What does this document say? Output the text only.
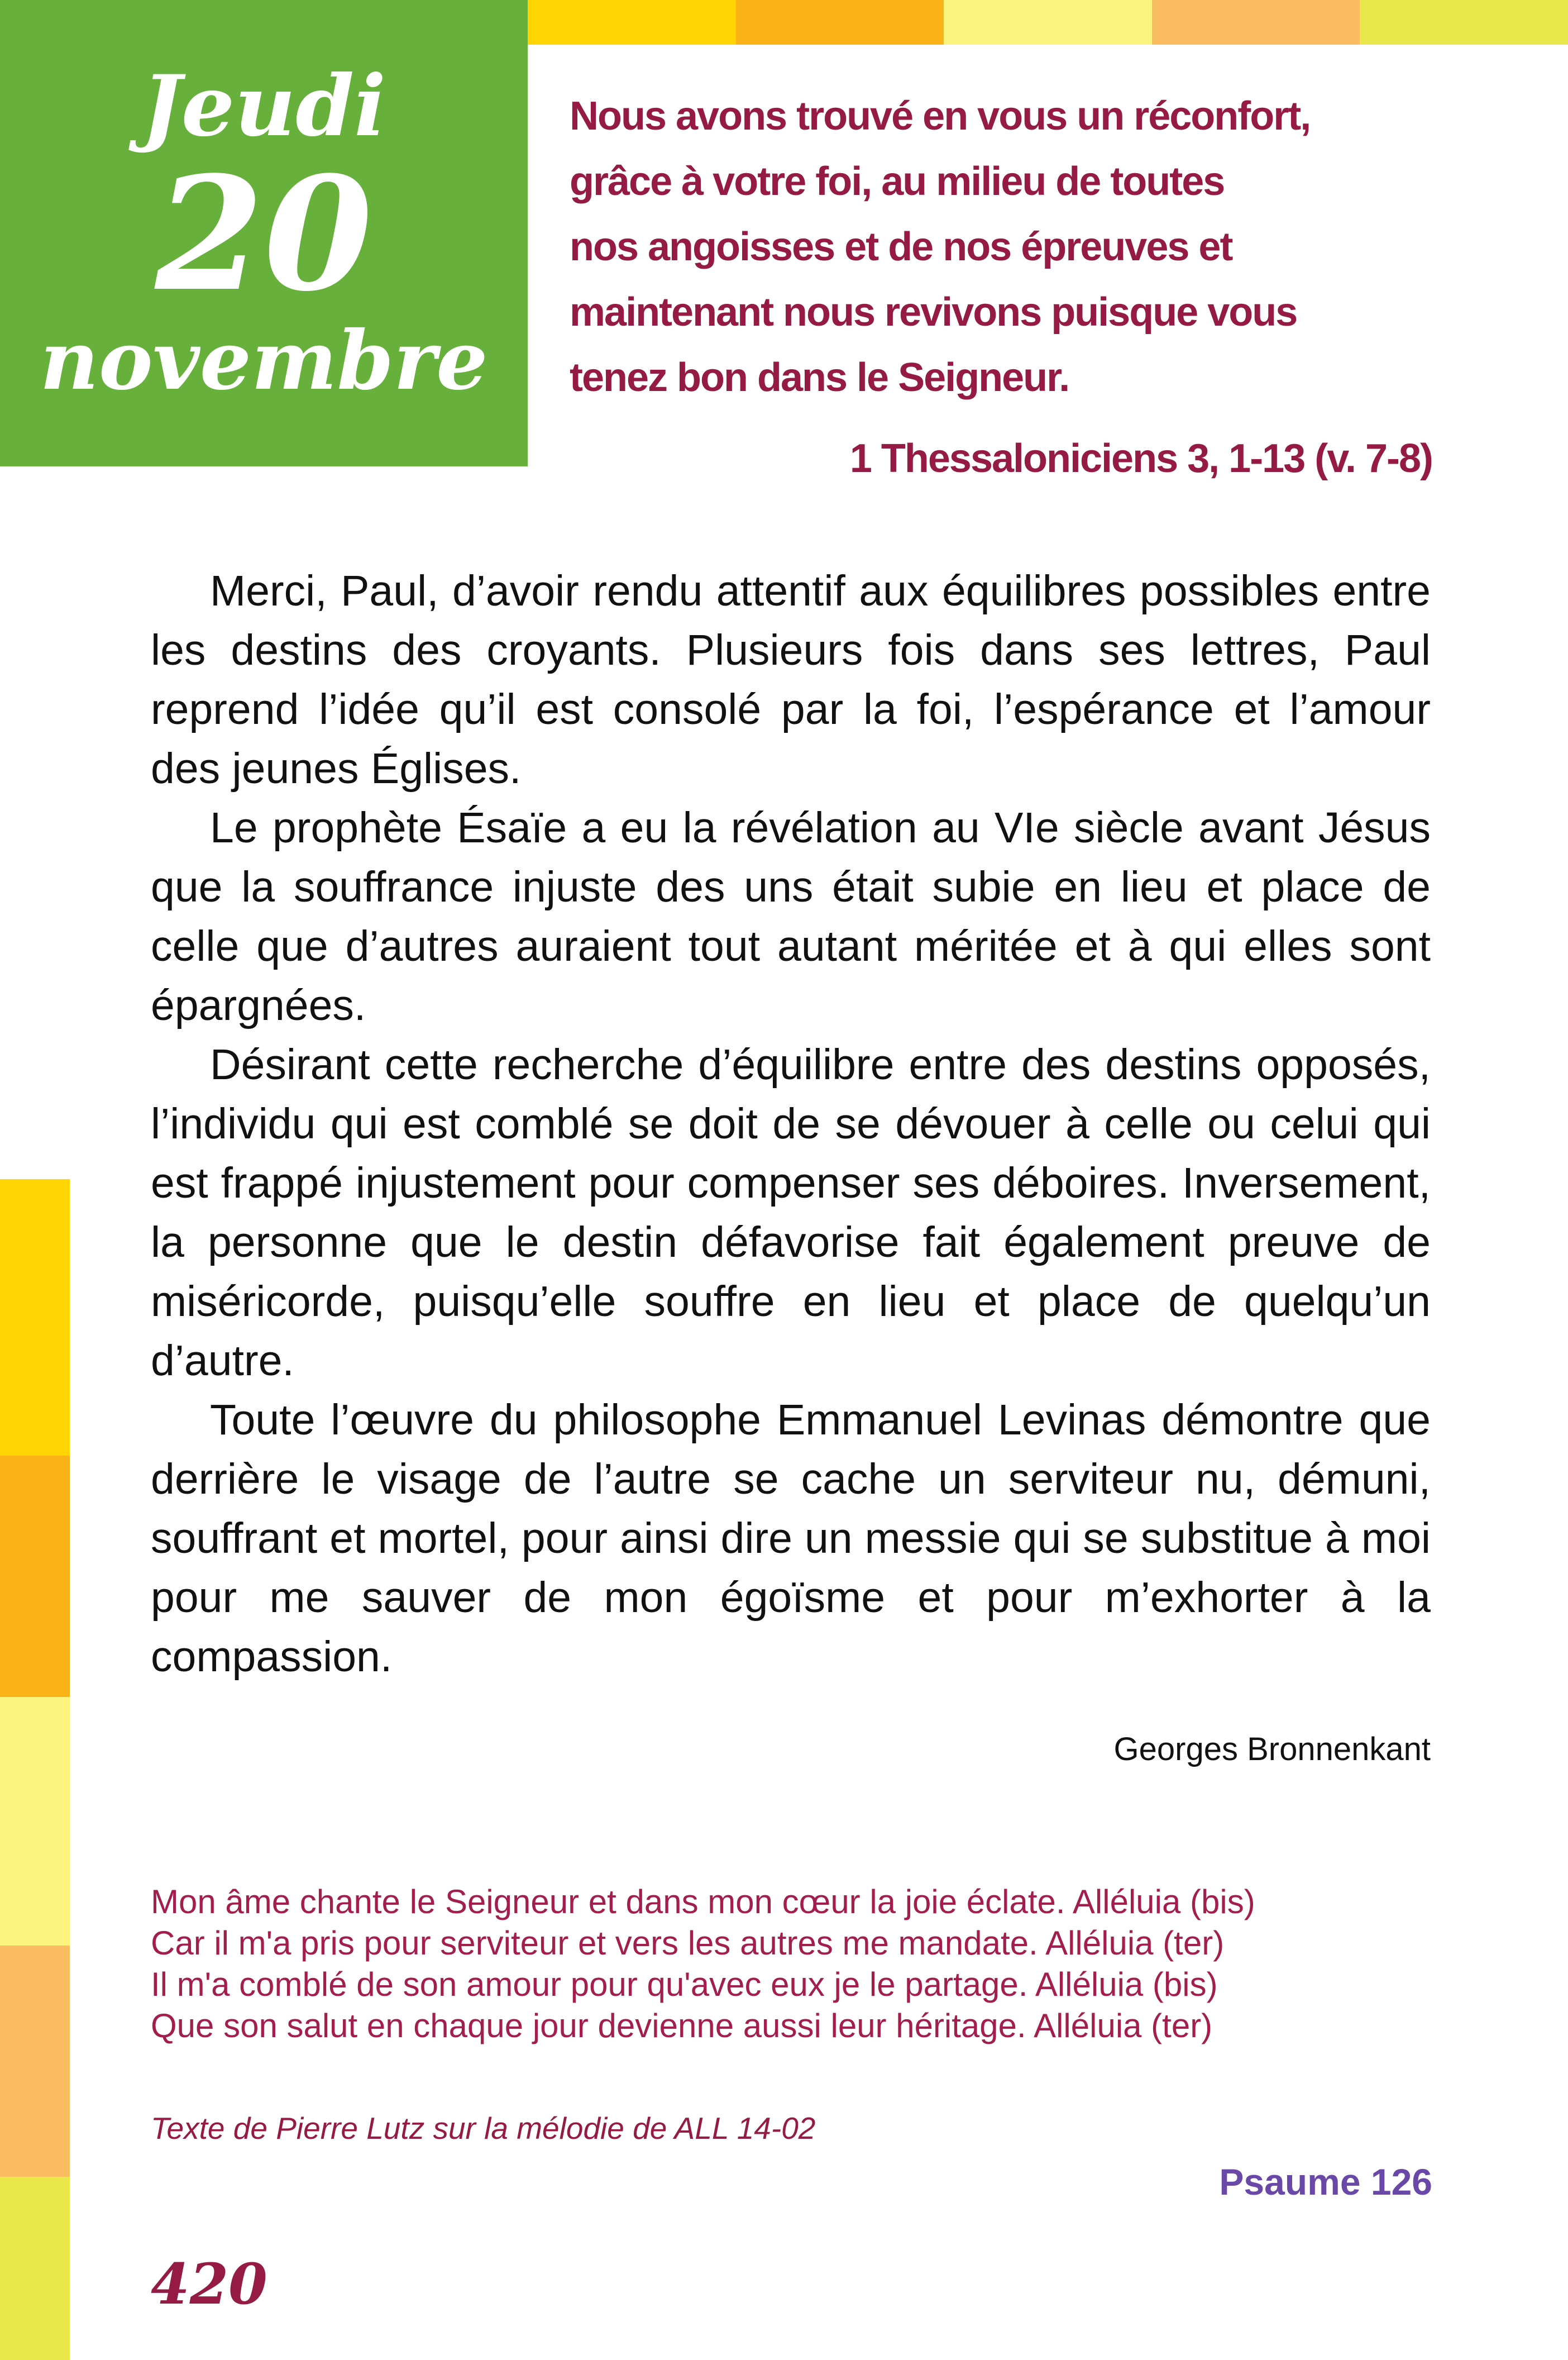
Jeudi
20
novembre
Nous avons trouvé en vous un réconfort,
grâce à votre foi, au milieu de toutes
nos angoisses et de nos épreuves et
maintenant nous revivons puisque vous
tenez bon dans le Seigneur.
1 Thessaloniciens 3, 1-13 (v. 7-8)

Merci, Paul, d’avoir rendu attentif aux équilibres possibles entre les destins des croyants. Plusieurs fois dans ses lettres, Paul reprend l’idée qu’il est consolé par la foi, l’espérance et l’amour des jeunes Églises.

Le prophète Ésaïe a eu la révélation au VIe siècle avant Jésus que la souffrance injuste des uns était subie en lieu et place de celle que d’autres auraient tout autant méritée et à qui elles sont épargnées.

Désirant cette recherche d’équilibre entre des destins opposés, l’individu qui est comblé se doit de se dévouer à celle ou celui qui est frappé injustement pour compenser ses déboires. Inversement, la personne que le destin défavorise fait également preuve de miséricorde, puisqu’elle souffre en lieu et place de quelqu’un d’autre.

Toute l’œuvre du philosophe Emmanuel Levinas démontre que derrière le visage de l’autre se cache un serviteur nu, démuni, souffrant et mortel, pour ainsi dire un messie qui se substitue à moi pour me sauver de mon égoïsme et pour m’exhorter à la compassion.

Georges Bronnenkant
Mon âme chante le Seigneur et dans mon cœur la joie éclate. Alléluia (bis)
Car il m'a pris pour serviteur et vers les autres me mandate. Alléluia (ter)
Il m'a comblé de son amour pour qu'avec eux je le partage. Alléluia (bis)
Que son salut en chaque jour devienne aussi leur héritage. Alléluia (ter)
Texte de Pierre Lutz sur la mélodie de ALL 14-02
Psaume 126
420
